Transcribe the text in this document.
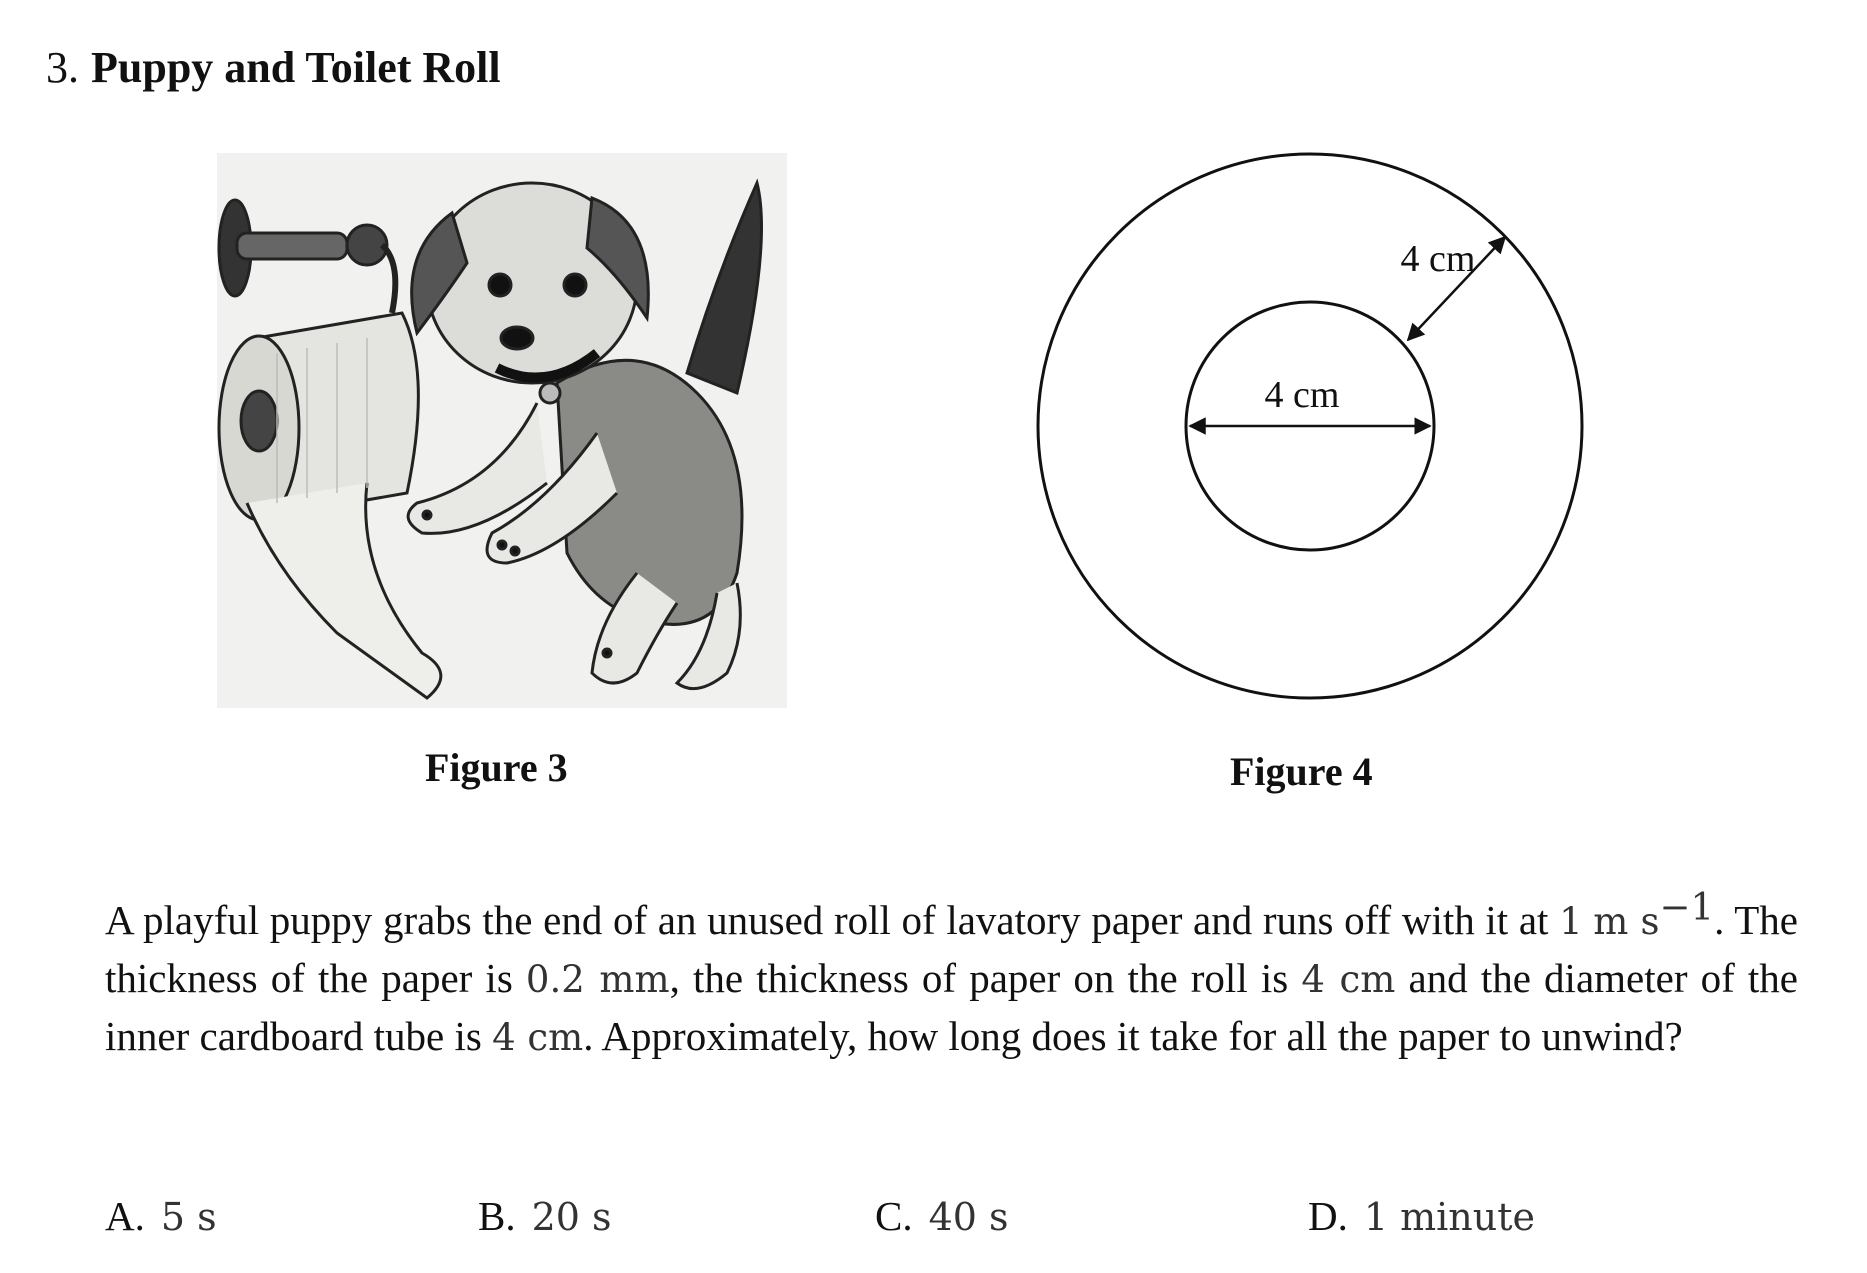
3. Puppy and Toilet Roll
4 cm
4 cm
Figure 3	Figure 4
A playful puppy grabs the end of an unused roll of lavatory paper and runs off with it at 1 m $s^{-1}$. The thickness of the paper is 0.2 mm, the thickness of paper on the roll is 4 cm and the diameter of the inner cardboard tube is 4 cm. Approximately, how long does it take for all the paper to unwind?
A. 5 s	B. 20 s	C. 40 s	D. 1 minute
